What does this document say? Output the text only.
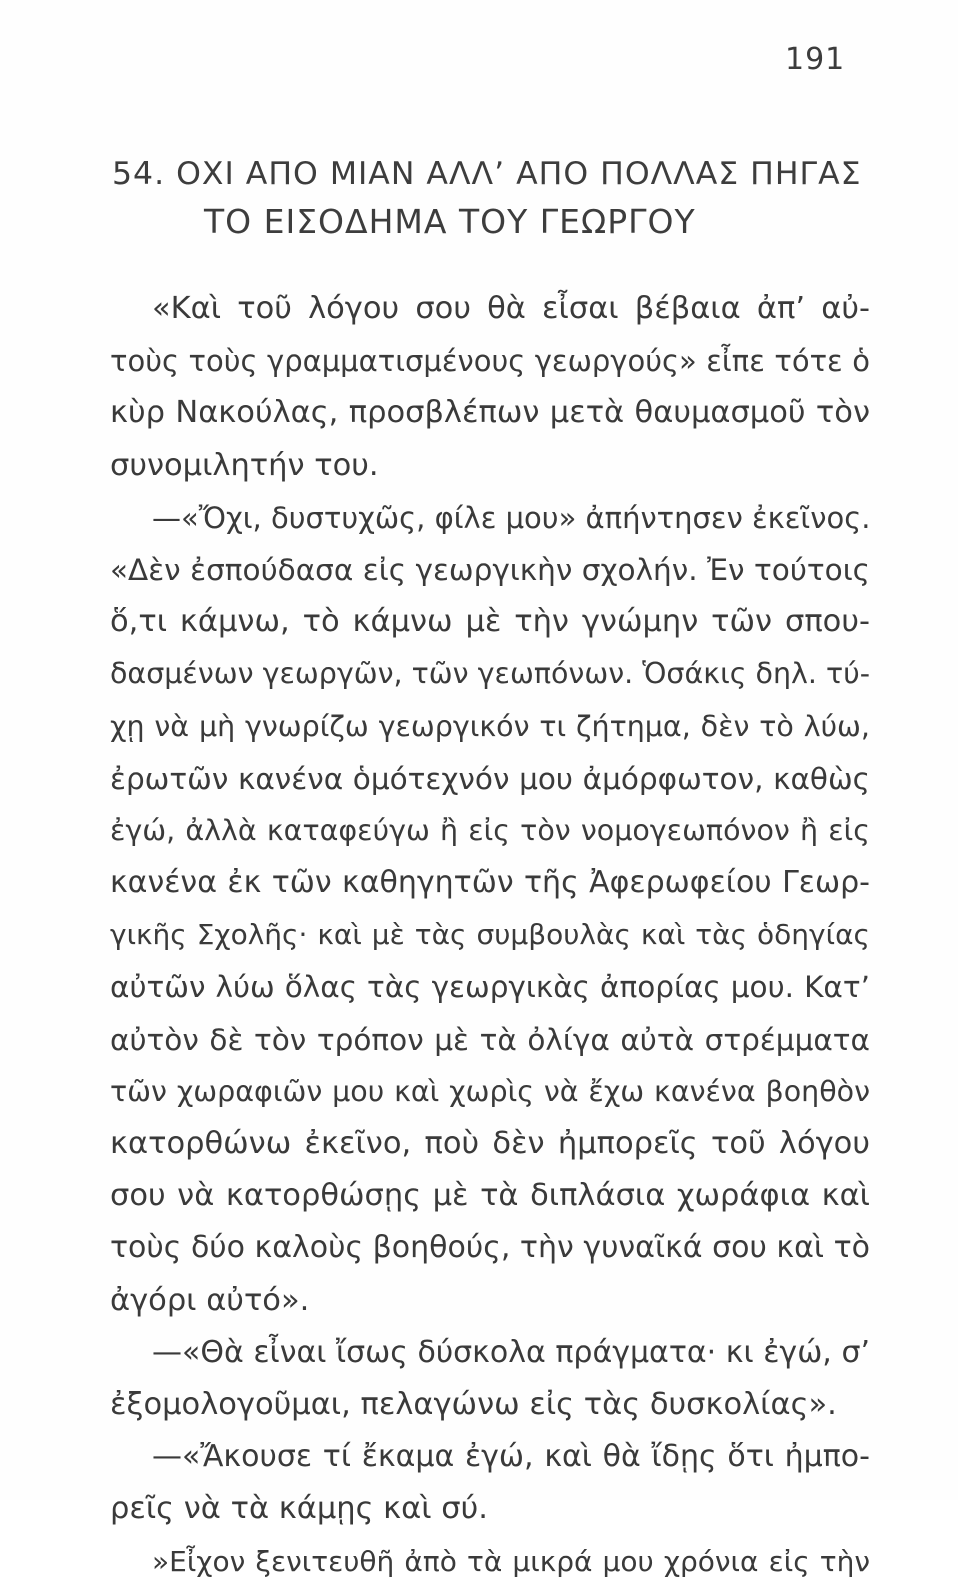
191
54. ΟΧΙ ΑΠΟ ΜΙΑΝ ΑΛΛ’ ΑΠΟ ΠΟΛΛΑΣ ΠΗΓΑΣ
ΤΟ ΕΙΣΟΔΗΜΑ ΤΟΥ ΓΕΩΡΓΟΥ
«Καὶ τοῦ λόγου σου θὰ εἶσαι βέβαια ἀπ’ αὐ-
τοὺς τοὺς γραμματισμένους γεωργούς» εἶπε τότε ὁ
κὺρ Νακούλας, προσβλέπων μετὰ θαυμασμοῦ τὸν
συνομιλητήν του.
—«Ὄχι, δυστυχῶς, φίλε μου» ἀπήντησεν ἐκεῖνος.
«Δὲν ἐσπούδασα εἰς γεωργικὴν σχολήν. Ἐν τούτοις
ὅ,τι κάμνω, τὸ κάμνω μὲ τὴν γνώμην τῶν σπου-
δασμένων γεωργῶν, τῶν γεωπόνων. Ὁσάκις δηλ. τύ-
χῃ νὰ μὴ γνωρίζω γεωργικόν τι ζήτημα, δὲν τὸ λύω,
ἐρωτῶν κανένα ὁμότεχνόν μου ἀμόρφωτον, καθὼς
ἐγώ, ἀλλὰ καταφεύγω ἢ εἰς τὸν νομογεωπόνον ἢ εἰς
κανένα ἐκ τῶν καθηγητῶν τῆς Ἀφερωφείου Γεωρ-
γικῆς Σχολῆς· καὶ μὲ τὰς συμβουλὰς καὶ τὰς ὁδηγίας
αὐτῶν λύω ὅλας τὰς γεωργικὰς ἀπορίας μου. Κατ’
αὐτὸν δὲ τὸν τρόπον μὲ τὰ ὀλίγα αὐτὰ στρέμματα
τῶν χωραφιῶν μου καὶ χωρὶς νὰ ἔχω κανένα βοηθὸν
κατορθώνω ἐκεῖνο, ποὺ δὲν ἠμπορεῖς τοῦ λόγου
σου νὰ κατορθώσῃς μὲ τὰ διπλάσια χωράφια καὶ
τοὺς δύο καλοὺς βοηθούς, τὴν γυναῖκά σου καὶ τὸ
ἀγόρι αὐτό».
—«Θὰ εἶναι ἴσως δύσκολα πράγματα· κι ἐγώ, σ’
ἐξομολογοῦμαι, πελαγώνω εἰς τὰς δυσκολίας».
—«Ἄκουσε τί ἔκαμα ἐγώ, καὶ θὰ ἴδῃς ὅτι ἠμπο-
ρεῖς νὰ τὰ κάμῃς καὶ σύ.
»Εἶχον ξενιτευθῆ ἀπὸ τὰ μικρά μου χρόνια εἰς τὴν
